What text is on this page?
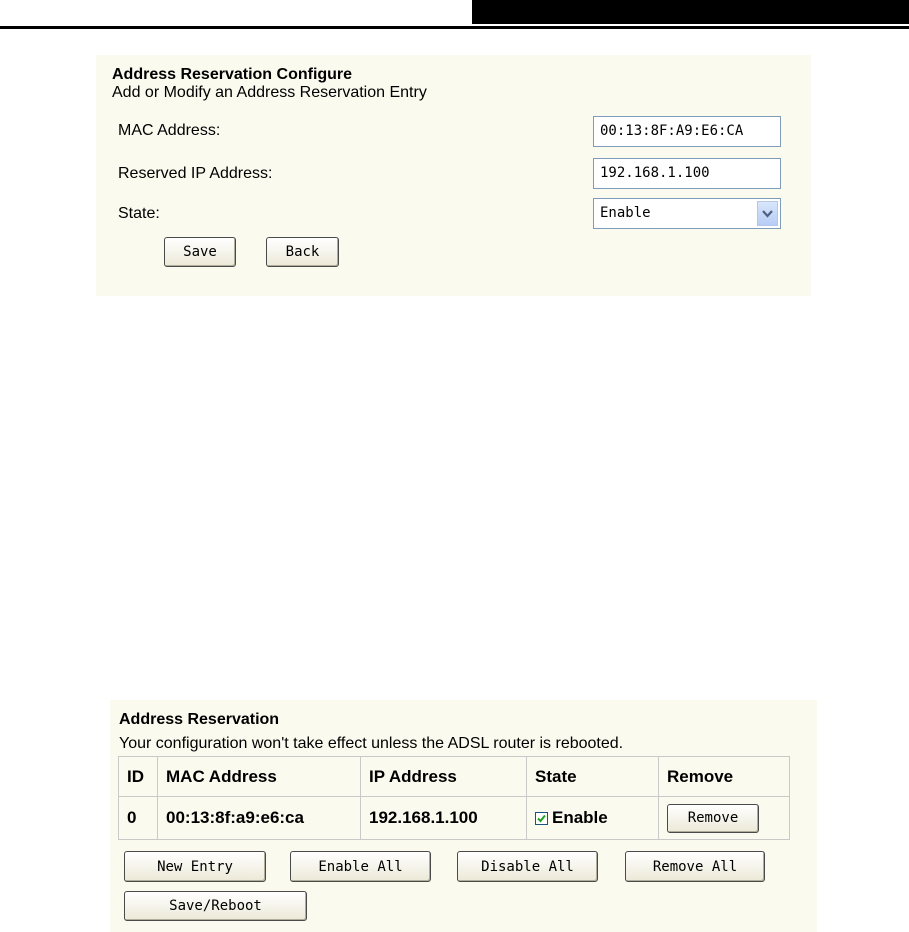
Address Reservation Configure
Add or Modify an Address Reservation Entry
MAC Address:	00:13:8F:A9:E6:CA
Reserved IP Address:	192.168.1.100
State:	Enable
Save	Back
Address Reservation
Your configuration won't take effect unless the ADSL router is rebooted.
ID	MAC Address	IP Address	State	Remove
0	00:13:8f:a9:e6:ca	192.168.1.100	Enable	Remove
New Entry	Enable All	Disable All	Remove All
Save/Reboot
